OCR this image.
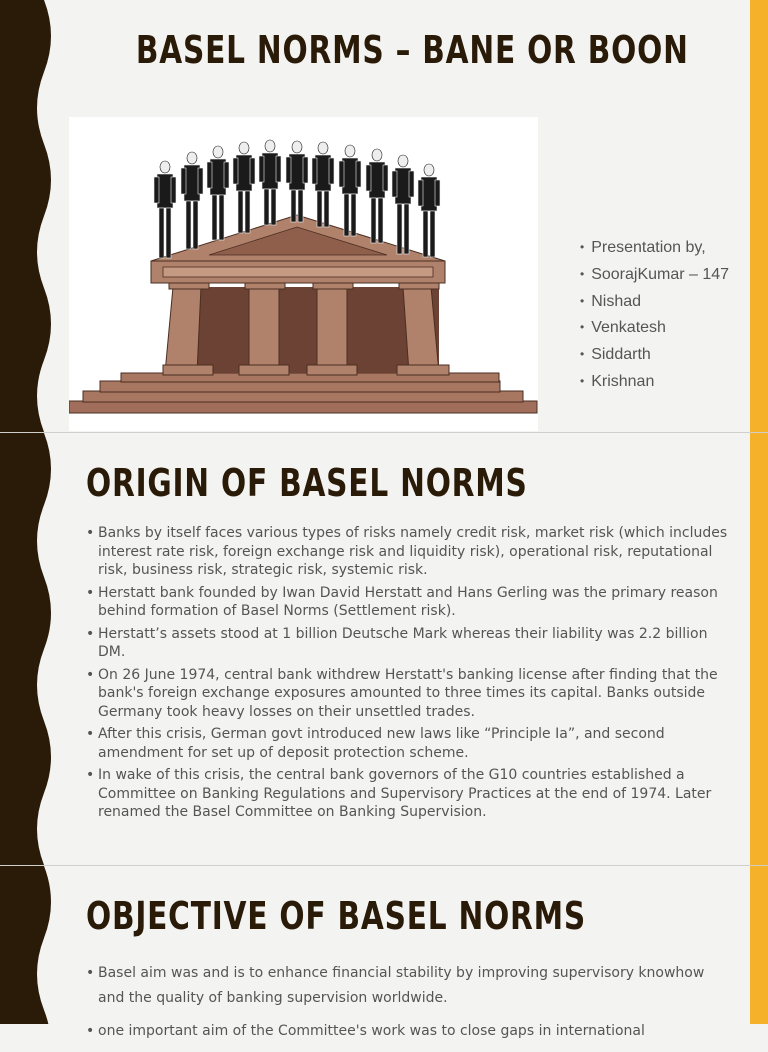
BASEL NORMS – BANE OR BOON
• Presentation by,
• SoorajKumar – 147
• Nishad
• Venkatesh
• Siddarth
• Krishnan
ORIGIN OF BASEL NORMS
• Banks by itself faces various types of risks namely credit risk, market risk (which includes interest rate risk, foreign exchange risk and liquidity risk), operational risk, reputational risk, business risk, strategic risk, systemic risk.
• Herstatt bank founded by Iwan David Herstatt and Hans Gerling was the primary reason behind formation of Basel Norms (Settlement risk).
• Herstatt’s assets stood at 1 billion Deutsche Mark whereas their liability was 2.2 billion DM.
• On 26 June 1974, central bank withdrew Herstatt's banking license after finding that the bank's foreign exchange exposures amounted to three times its capital. Banks outside Germany took heavy losses on their unsettled trades.
• After this crisis, German govt introduced new laws like “Principle Ia”, and second amendment for set up of deposit protection scheme.
• In wake of this crisis, the central bank governors of the G10 countries established a Committee on Banking Regulations and Supervisory Practices at the end of 1974. Later renamed the Basel Committee on Banking Supervision.
OBJECTIVE OF BASEL NORMS
• Basel aim was and is to enhance financial stability by improving supervisory knowhow and the quality of banking supervision worldwide.
• one important aim of the Committee's work was to close gaps in international
